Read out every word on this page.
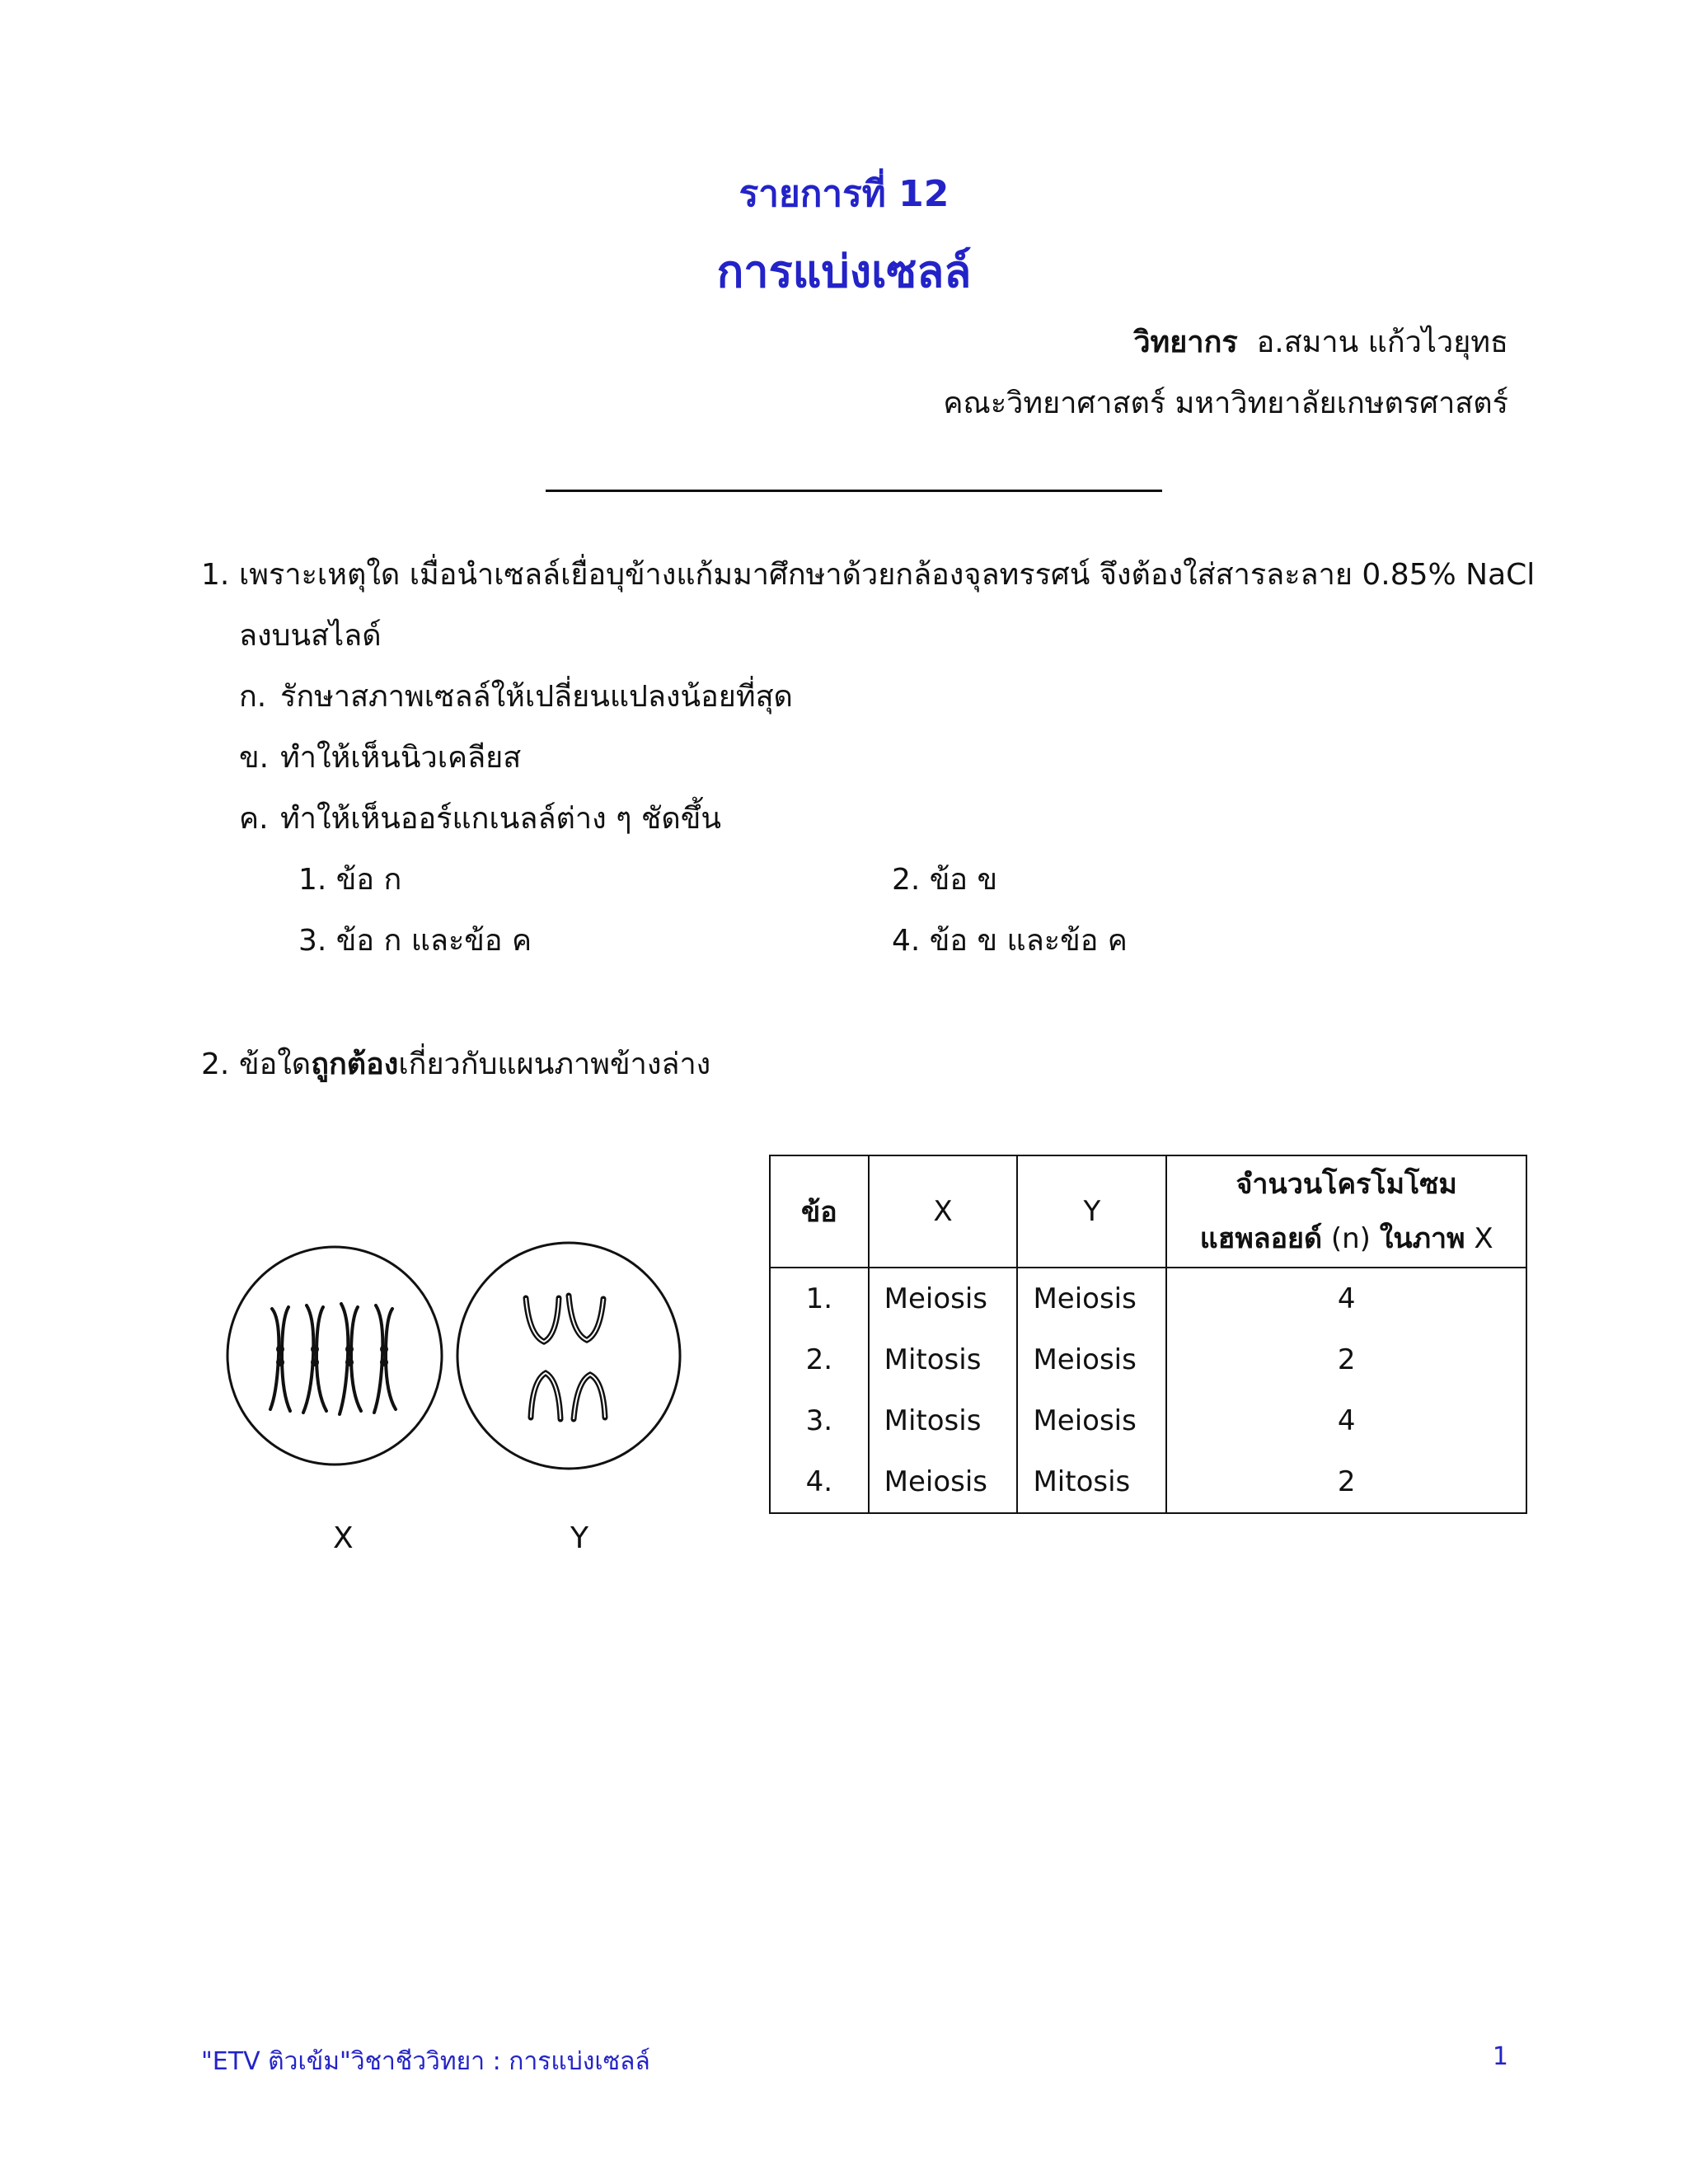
รายการที่ 12
การแบ่งเซลล์
วิทยากร อ.สมาน แก้วไวยุทธ
คณะวิทยาศาสตร์ มหาวิทยาลัยเกษตรศาสตร์
1. เพราะเหตุใด เมื่อนำเซลล์เยื่อบุข้างแก้มมาศึกษาด้วยกล้องจุลทรรศน์ จึงต้องใส่สารละลาย 0.85% NaCl
ลงบนสไลด์
ก. รักษาสภาพเซลล์ให้เปลี่ยนแปลงน้อยที่สุด
ข. ทำให้เห็นนิวเคลียส
ค. ทำให้เห็นออร์แกเนลล์ต่าง ๆ ชัดขึ้น
1. ข้อ ก	2. ข้อ ข
3. ข้อ ก และข้อ ค	4. ข้อ ข และข้อ ค
2. ข้อใดถูกต้องเกี่ยวกับแผนภาพข้างล่าง
X	Y
ข้อ	X	Y	จำนวนโครโมโซม
แฮพลอยด์ (n) ในภาพ X
1.	Meiosis	Meiosis	4
2.	Mitosis	Meiosis	2
3.	Mitosis	Meiosis	4
4.	Meiosis	Mitosis	2
"ETV ติวเข้ม"วิชาชีววิทยา : การแบ่งเซลล์	1
